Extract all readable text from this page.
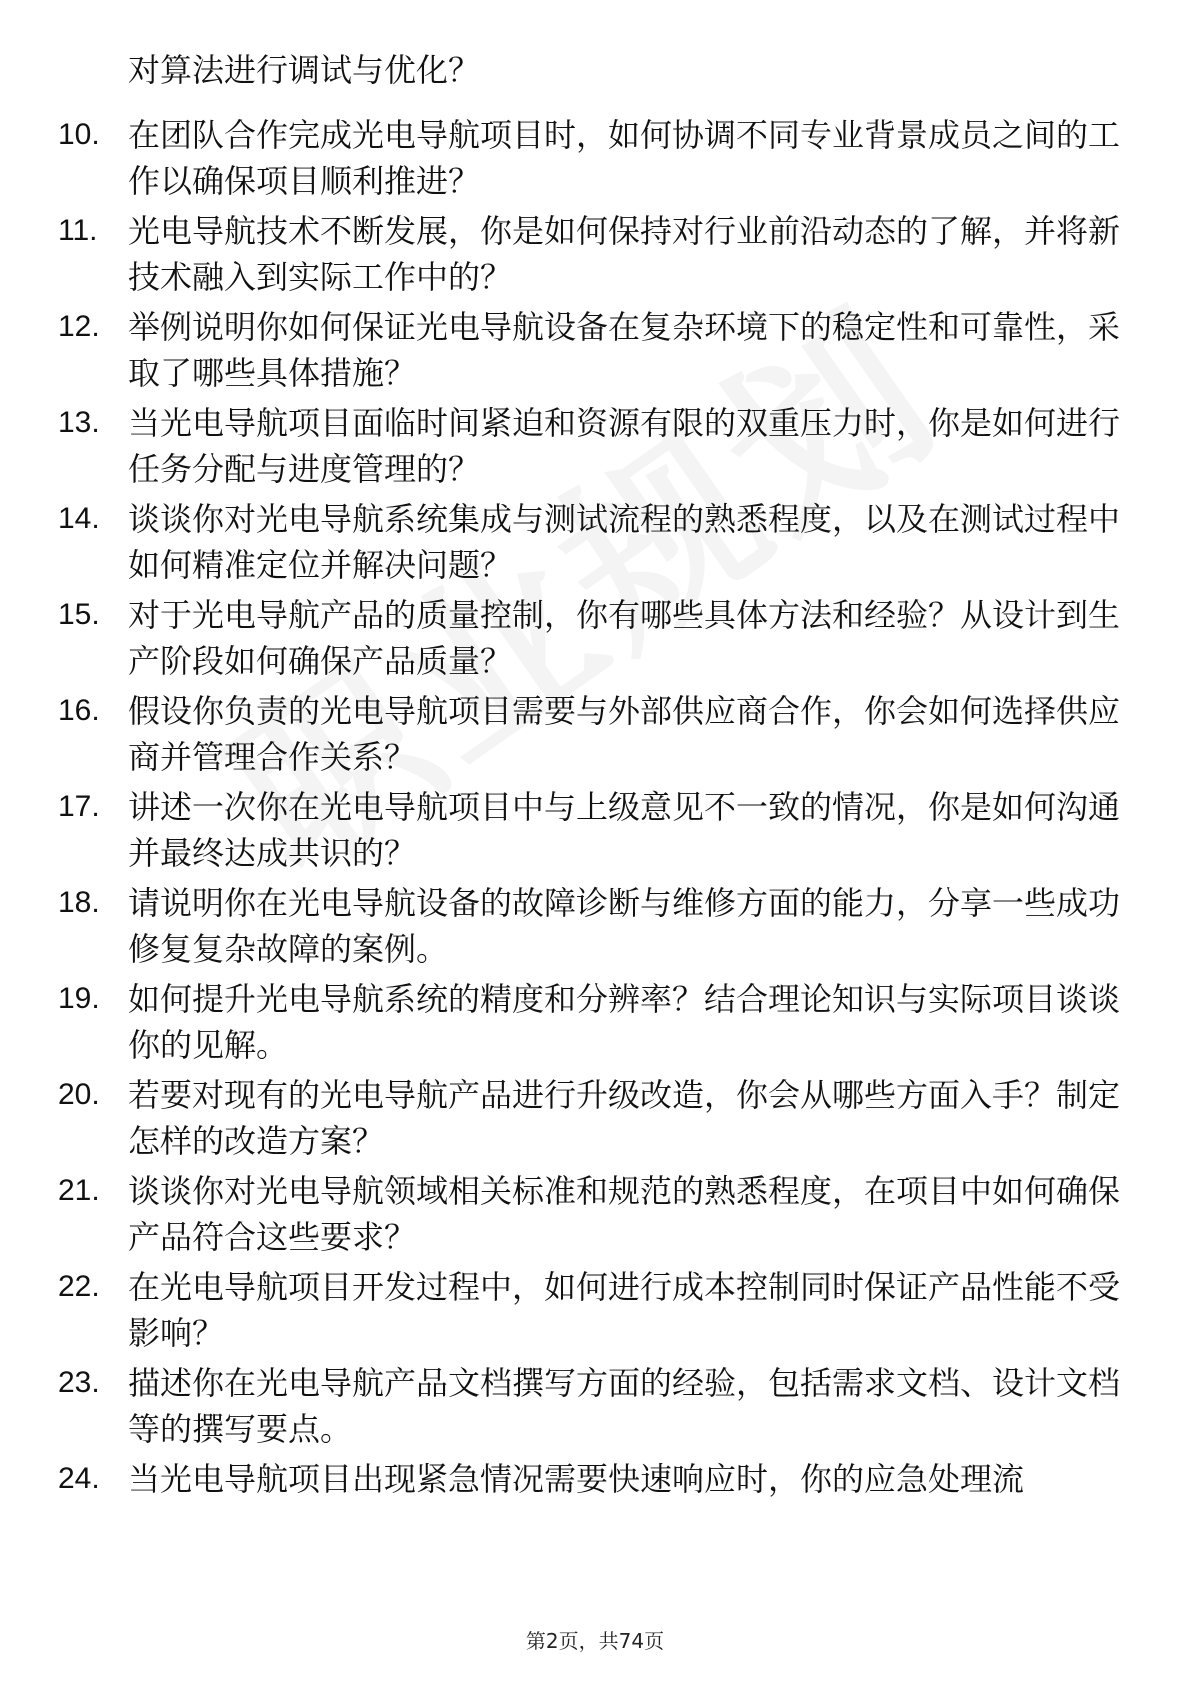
对算法进行调试与优化？
10. 在团队合作完成光电导航项目时，如何协调不同专业背景成员之间的工作以确保项目顺利推进？
11. 光电导航技术不断发展，你是如何保持对行业前沿动态的了解，并将新技术融入到实际工作中的？
12. 举例说明你如何保证光电导航设备在复杂环境下的稳定性和可靠性，采取了哪些具体措施？
13. 当光电导航项目面临时间紧迫和资源有限的双重压力时，你是如何进行任务分配与进度管理的？
14. 谈谈你对光电导航系统集成与测试流程的熟悉程度，以及在测试过程中如何精准定位并解决问题？
15. 对于光电导航产品的质量控制，你有哪些具体方法和经验？从设计到生产阶段如何确保产品质量？
16. 假设你负责的光电导航项目需要与外部供应商合作，你会如何选择供应商并管理合作关系？
17. 讲述一次你在光电导航项目中与上级意见不一致的情况，你是如何沟通并最终达成共识的？
18. 请说明你在光电导航设备的故障诊断与维修方面的能力，分享一些成功修复复杂故障的案例。
19. 如何提升光电导航系统的精度和分辨率？结合理论知识与实际项目谈谈你的见解。
20. 若要对现有的光电导航产品进行升级改造，你会从哪些方面入手？制定怎样的改造方案？
21. 谈谈你对光电导航领域相关标准和规范的熟悉程度，在项目中如何确保产品符合这些要求？
22. 在光电导航项目开发过程中，如何进行成本控制同时保证产品性能不受影响？
23. 描述你在光电导航产品文档撰写方面的经验，包括需求文档、设计文档等的撰写要点。
24. 当光电导航项目出现紧急情况需要快速响应时，你的应急处理流
第2页，共74页
